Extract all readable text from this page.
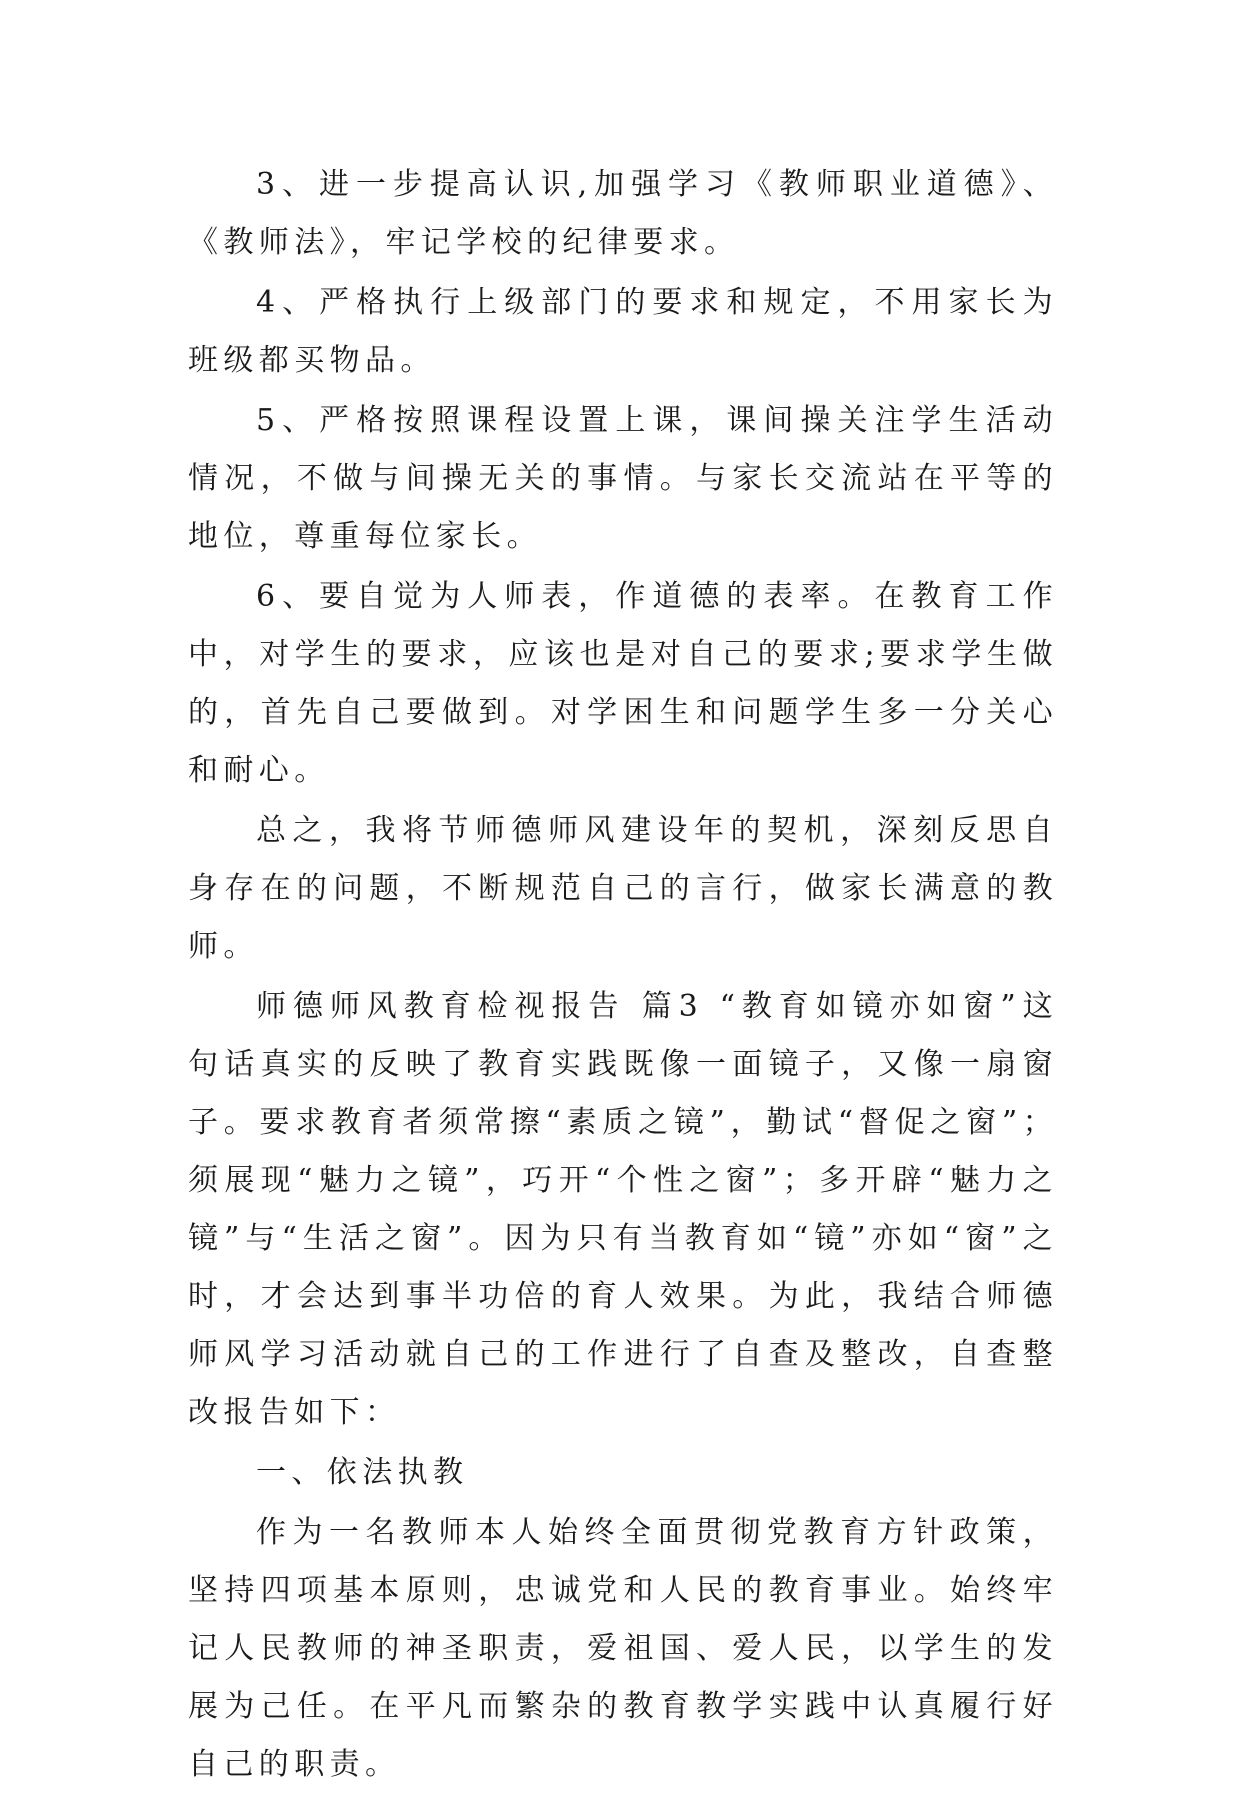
3、进一步提高认识,加强学习《教师职业道德》、《教师法》，牢记学校的纪律要求。

4、严格执行上级部门的要求和规定，不用家长为班级都买物品。

5、严格按照课程设置上课，课间操关注学生活动情况，不做与间操无关的事情。与家长交流站在平等的地位，尊重每位家长。

6、要自觉为人师表，作道德的表率。在教育工作中，对学生的要求，应该也是对自己的要求;要求学生做的，首先自己要做到。对学困生和问题学生多一分关心和耐心。

总之，我将节师德师风建设年的契机，深刻反思自身存在的问题，不断规范自己的言行，做家长满意的教师。

师德师风教育检视报告 篇3 “教育如镜亦如窗”这句话真实的反映了教育实践既像一面镜子，又像一扇窗子。要求教育者须常擦“素质之镜”，勤试“督促之窗”；须展现“魅力之镜”，巧开“个性之窗”；多开辟“魅力之镜”与“生活之窗”。因为只有当教育如“镜”亦如“窗”之时，才会达到事半功倍的育人效果。为此，我结合师德师风学习活动就自己的工作进行了自查及整改，自查整改报告如下：

一、依法执教

作为一名教师本人始终全面贯彻党教育方针政策，坚持四项基本原则，忠诚党和人民的教育事业。始终牢记人民教师的神圣职责，爱祖国、爱人民，以学生的发展为己任。在平凡而繁杂的教育教学实践中认真履行好自己的职责。
